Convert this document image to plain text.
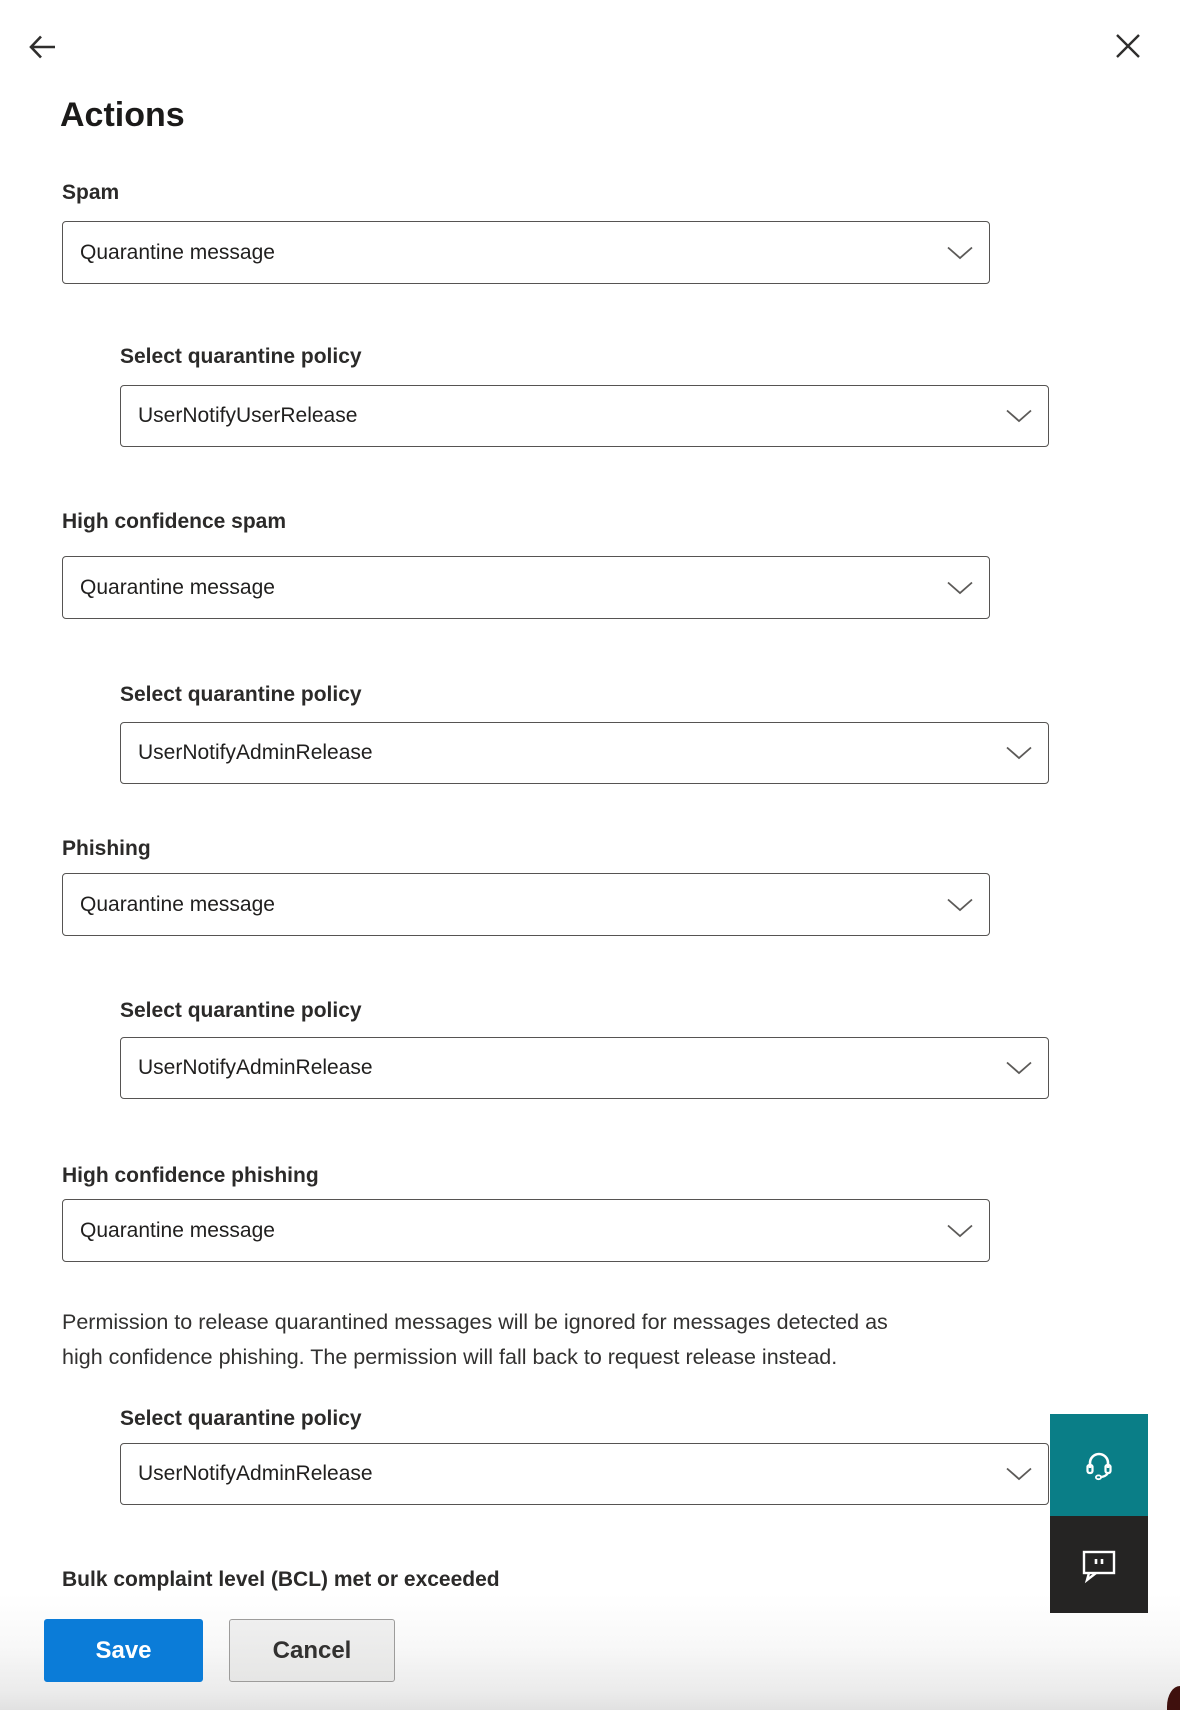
Actions

Spam

Quarantine message

Select quarantine policy

UserNotifyUserRelease

High confidence spam

Quarantine message

Select quarantine policy

UserNotifyAdminRelease

Phishing

Quarantine message

Select quarantine policy

UserNotifyAdminRelease

High confidence phishing

Quarantine message

Permission to release quarantined messages will be ignored for messages detected as
high confidence phishing. The permission will fall back to request release instead.

Select quarantine policy

UserNotifyAdminRelease

Bulk complaint level (BCL) met or exceeded

Save	Cancel
